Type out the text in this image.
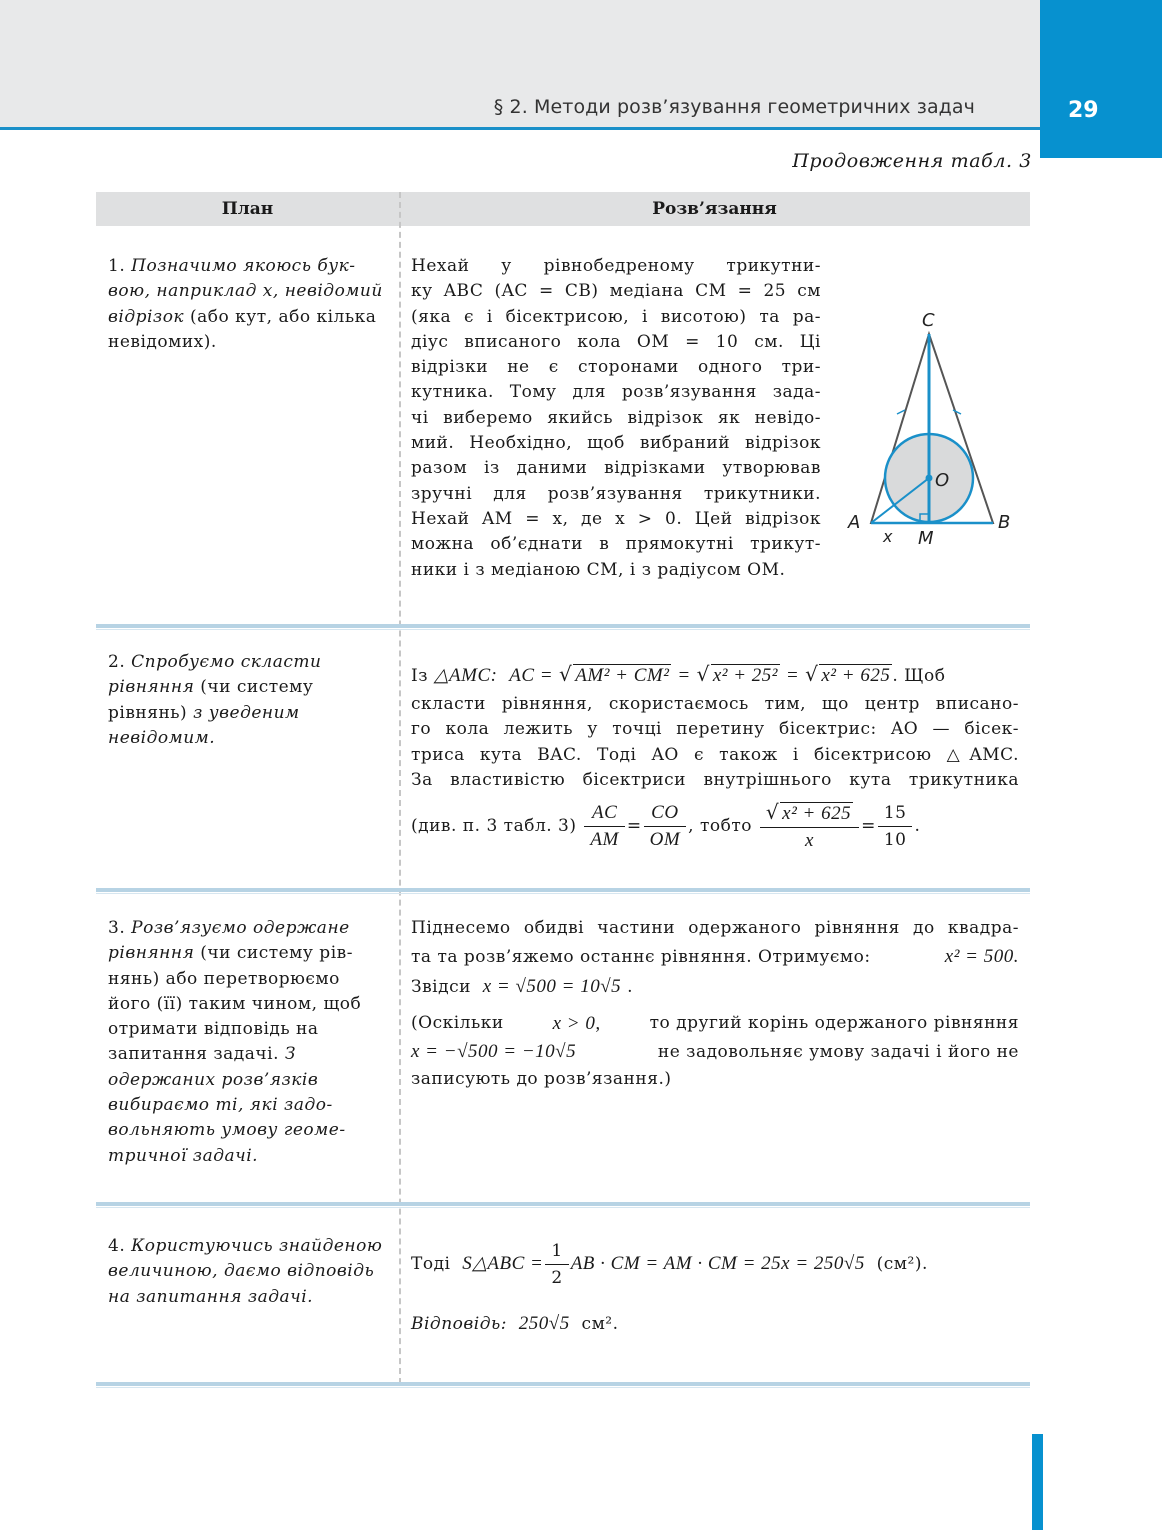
§ 2. Методи розв’язування геометричних задач	29
Продовження табл. 3
План	Розв’язання
1. Позначимо якоюсь буквою, наприклад x, невідомий відрізок (або кут, або кілька невідомих).
Нехай у рівнобедреному трикутни-
ку ABC (AC = CB) медіана CM = 25 см
(яка є і бісектрисою, і висотою) та ра-
діус вписаного кола OM = 10 см. Ці
відрізки не є сторонами одного три-
кутника. Тому для розв’язування зада-
чі виберемо якийсь відрізок як невідо-
мий. Необхідно, щоб вибраний відрізок
разом із даними відрізками утворював
зручні для розв’язування трикутники.
Нехай AM = x, де x > 0. Цей відрізок
можна об’єднати в прямокутні трикут-
ники і з медіаною CM, і з радіусом OM.
C
A	B
O
M
x
2. Спробуємо скласти рівняння (чи систему рівнянь) з уведеним невідомим.
Із △AMC: AC = √ AM² + CM² = √ x² + 25² = √ x² + 625 . Щоб
скласти рівняння, скористаємось тим, що центр вписано-
го кола лежить у точці перетину бісектрис: AO — бісек-
триса кута BAC. Тоді AO є також і бісектрисою △AMC.
За властивістю бісектриси внутрішнього кута трикутника
(див. п. 3 табл. $3) \frac{AC}{AM} = \frac{CO}{OM}$ , тобто $\frac{\text{√ x² + 625}}{x} = \frac{15}{10}$ .
3. Розв’язуємо одержане рівняння (чи систему рівнянь) або перетворюємо його (її) таким чином, щоб отримати відповідь на запитання задачі. З одержаних розв’язків вибираємо ті, які задовольняють умову геометричної задачі.
Піднесемо обидві частини одержаного рівняння до квадра-
та та розв’яжемо останнє рівняння. Отримуємо:	x² = 500.
Звідси x = √500 = 10√5 .
(Оскільки	x > 0,	то другий корінь одержаного рівняння
x = −√500 = −10√5	не задовольняє умову задачі і його не
записують до розв’язання.)
4. Користуючись знайденою величиною, даємо відповідь на запитання задачі.
Тоді S△ABC = $\frac{1}{2}$ AB · CM = AM · CM = 25x = 250√5 (см²).
Відповідь: 250√5 см².
